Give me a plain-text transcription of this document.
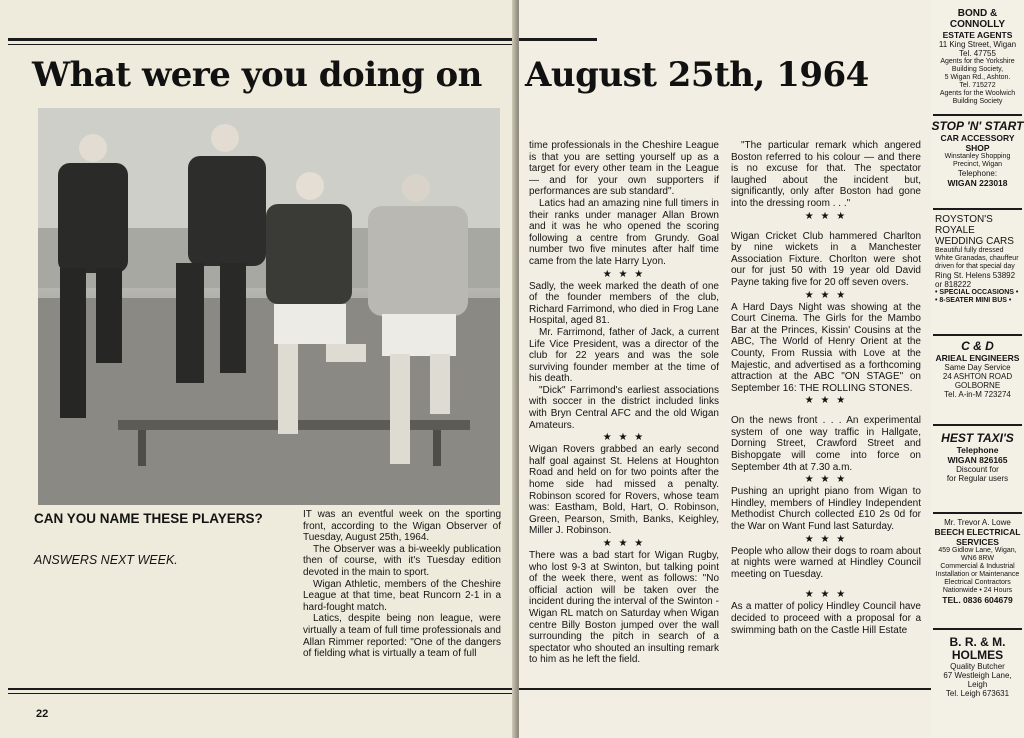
What were you doing on
CAN YOU NAME THESE PLAYERS?
ANSWERS NEXT WEEK.

IT was an eventful week on the sporting front, according to the Wigan Observer of Tuesday, August 25th, 1964.

The Observer was a bi-weekly publication then of course, with it's Tuesday edition devoted in the main to sport.

Wigan Athletic, members of the Cheshire League at that time, beat Runcorn 2-1 in a hard-fought match.

Latics, despite being non league, were virtually a team of full time professionals and Allan Rimmer reported: "One of the dangers of fielding what is virtually a team of full

22
August 25th, 1964

time professionals in the Cheshire League is that you are setting yourself up as a target for every other team in the League — and for your own supporters if performances are sub standard".

Latics had an amazing nine full timers in their ranks under manager Allan Brown and it was he who opened the scoring following a centre from Grundy. Goal number two five minutes after half time came from the late Harry Lyon.

★ ★ ★

Sadly, the week marked the death of one of the founder members of the club, Richard Farrimond, who died in Frog Lane Hospital, aged 81.

Mr. Farrimond, father of Jack, a current Life Vice President, was a director of the club for 22 years and was the sole surviving founder member at the time of his death.

"Dick" Farrimond's earliest associations with soccer in the district included links with Bryn Central AFC and the old Wigan Amateurs.

★ ★ ★

Wigan Rovers grabbed an early second half goal against St. Helens at Houghton Road and held on for two points after the home side had missed a penalty. Robinson scored for Rovers, whose team was: Eastham, Bold, Hart, O. Robinson, Green, Pearson, Smith, Banks, Keighley, Miller J. Robinson.

★ ★ ★

There was a bad start for Wigan Rugby, who lost 9-3 at Swinton, but talking point of the week there, went as follows: "No official action will be taken over the incident during the interval of the Swinton - Wigan RL match on Saturday when Wigan centre Billy Boston jumped over the wall surrounding the pitch in search of a spectator who shouted an insulting remark to him as he left the field.

"The particular remark which angered Boston referred to his colour — and there is no excuse for that. The spectator laughed about the incident but, significantly, only after Boston had gone into the dressing room . . ."

★ ★ ★

Wigan Cricket Club hammered Charlton by nine wickets in a Manchester Association Fixture. Chorlton were shot our for just 50 with 19 year old David Payne taking five for 20 off seven overs.

★ ★ ★

A Hard Days Night was showing at the Court Cinema. The Girls for the Mambo Bar at the Princes, Kissin' Cousins at the ABC, The World of Henry Orient at the County, From Russia with Love at the Majestic, and advertised as a forthcoming attraction at the ABC "ON STAGE" on September 16: THE ROLLING STONES.

★ ★ ★

On the news front . . . An experimental system of one way traffic in Hallgate, Dorning Street, Crawford Street and Bishopgate will come into force on September 4th at 7.30 a.m.

★ ★ ★

Pushing an upright piano from Wigan to Hindley, members of Hindley Independent Methodist Church collected £10 2s 0d for the War on Want Fund last Saturday.

★ ★ ★

People who allow their dogs to roam about at nights were warned at Hindley Council meeting on Tuesday.

★ ★ ★

As a matter of policy Hindley Council have decided to proceed with a proposal for a swimming bath on the Castle Hill Estate

BOND & CONNOLLY
ESTATE AGENTS
11 King Street, Wigan
Tel. 47755
Agents for the Yorkshire Building Society,
5 Wigan Rd., Ashton.
Tel. 715272
Agents for the Woolwich Building Society
STOP 'N' START
CAR ACCESSORY SHOP
Winstanley Shopping Precinct, Wigan
Telephone:
WIGAN 223018
ROYSTON'S ROYALE WEDDING CARS
Beautiful fully dressed White Granadas, chauffeur driven for that special day
Ring St. Helens 53892 or 818222
• SPECIAL OCCASIONS •
• 8-SEATER MINI BUS •
C & D
ARIEAL ENGINEERS
Same Day Service
24 ASHTON ROAD
GOLBORNE
Tel. A-in-M 723274
HEST TAXI'S
Telephone
WIGAN 826165
Discount for
for Regular users
Mr. Trevor A. Lowe
BEECH ELECTRICAL SERVICES
459 Gidlow Lane, Wigan, WN6 8RW
Commercial & Industrial Installation or Maintenance Electrical Contractors Nationwide • 24 Hours
TEL. 0836 604679
B. R. & M. HOLMES
Quality Butcher
67 Westleigh Lane,
Leigh
Tel. Leigh 673631
